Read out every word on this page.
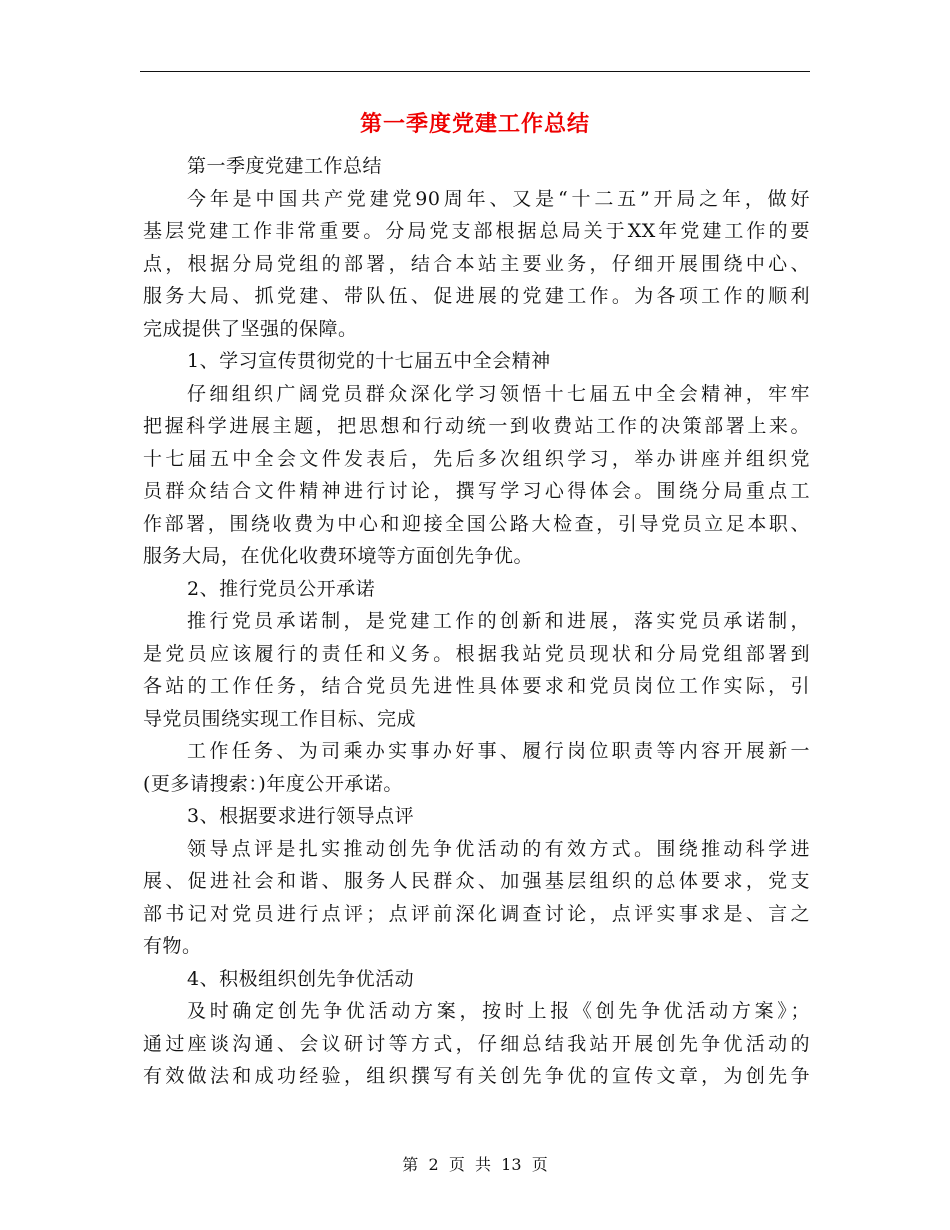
第一季度党建工作总结
第一季度党建工作总结
今年是中国共产党建党90周年、又是“十二五”开局之年，做好
基层党建工作非常重要。分局党支部根据总局关于XX年党建工作的要
点，根据分局党组的部署，结合本站主要业务，仔细开展围绕中心、
服务大局、抓党建、带队伍、促进展的党建工作。为各项工作的顺利
完成提供了坚强的保障。
1、学习宣传贯彻党的十七届五中全会精神
仔细组织广阔党员群众深化学习领悟十七届五中全会精神，牢牢
把握科学进展主题，把思想和行动统一到收费站工作的决策部署上来。
十七届五中全会文件发表后，先后多次组织学习，举办讲座并组织党
员群众结合文件精神进行讨论，撰写学习心得体会。围绕分局重点工
作部署，围绕收费为中心和迎接全国公路大检查，引导党员立足本职、
服务大局，在优化收费环境等方面创先争优。
2、推行党员公开承诺
推行党员承诺制，是党建工作的创新和进展，落实党员承诺制，
是党员应该履行的责任和义务。根据我站党员现状和分局党组部署到
各站的工作任务，结合党员先进性具体要求和党员岗位工作实际，引
导党员围绕实现工作目标、完成
工作任务、为司乘办实事办好事、履行岗位职责等内容开展新一
(更多请搜索：)年度公开承诺。
3、根据要求进行领导点评
领导点评是扎实推动创先争优活动的有效方式。围绕推动科学进
展、促进社会和谐、服务人民群众、加强基层组织的总体要求，党支
部书记对党员进行点评；点评前深化调查讨论，点评实事求是、言之
有物。
4、积极组织创先争优活动
及时确定创先争优活动方案，按时上报《创先争优活动方案》；
通过座谈沟通、会议研讨等方式，仔细总结我站开展创先争优活动的
有效做法和成功经验，组织撰写有关创先争优的宣传文章，为创先争
第  2  页  共  13  页
